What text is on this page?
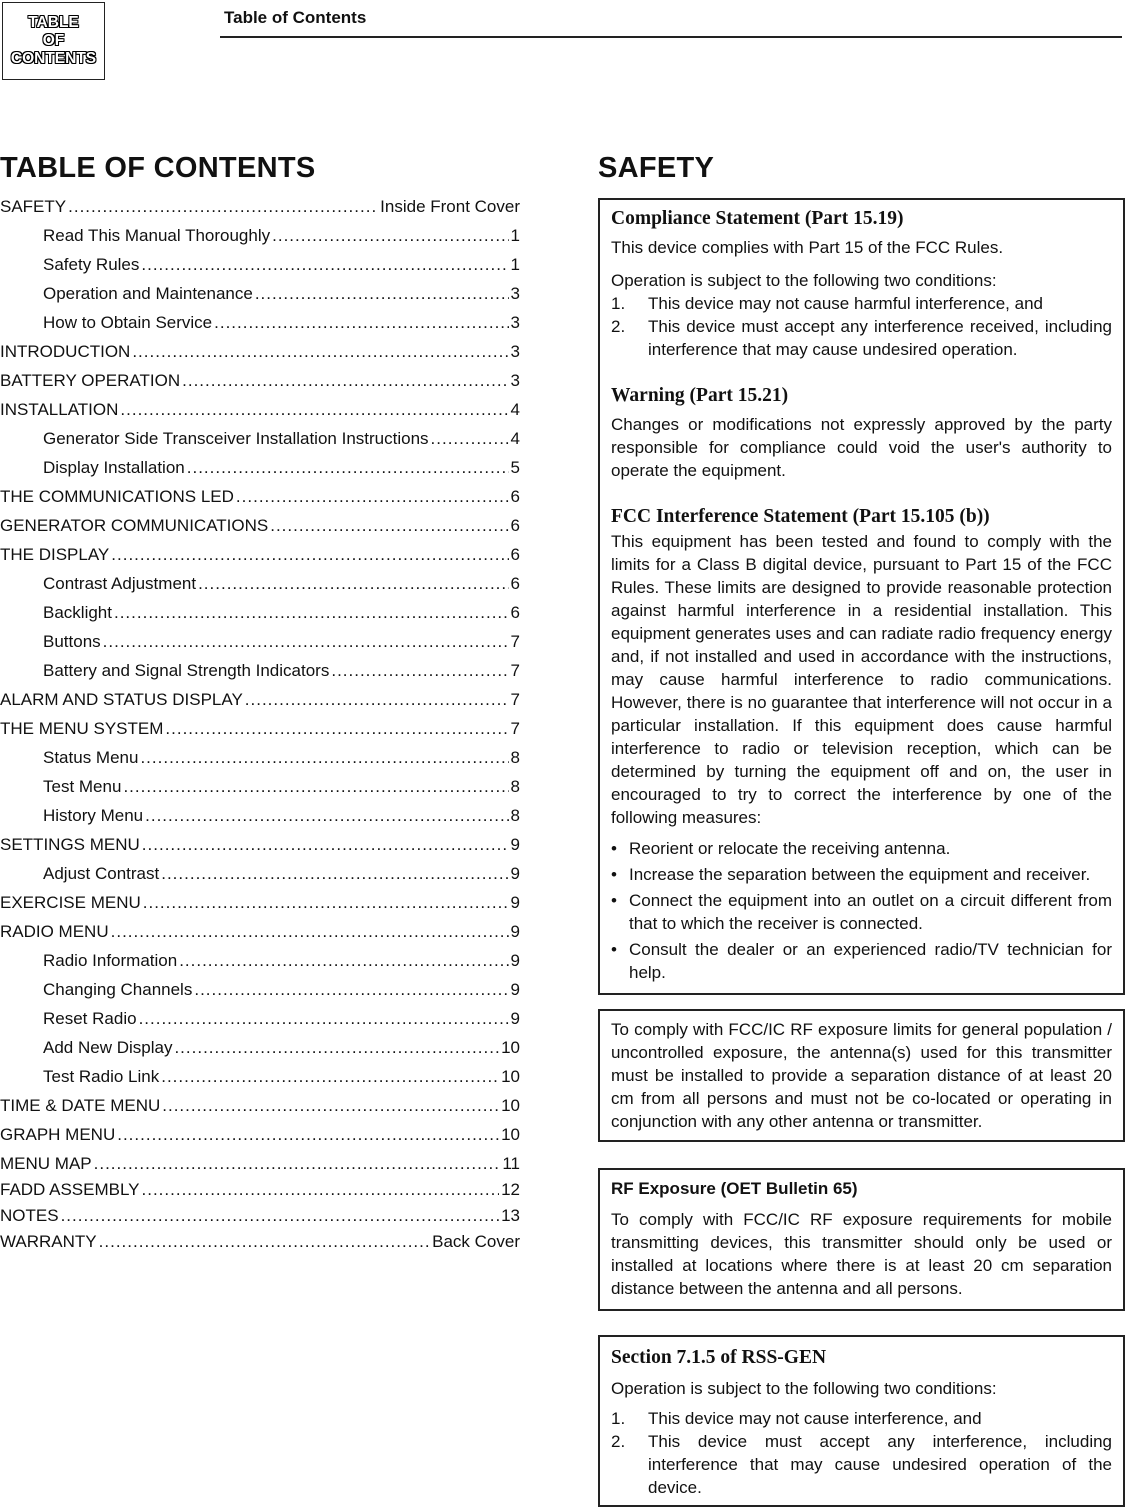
TABLE
OF
CONTENTS
Table of Contents
TABLE OF CONTENTS
SAFETY .....	Inside Front Cover
Read This Manual Thoroughly .....	1
Safety Rules .....	1
Operation and Maintenance .....	3
How to Obtain Service .....	3
INTRODUCTION .....	3
BATTERY OPERATION .....	3
INSTALLATION .....	4
Generator Side Transceiver Installation Instructions .....	4
Display Installation .....	5
THE COMMUNICATIONS LED .....	6
GENERATOR COMMUNICATIONS .....	6
THE DISPLAY .....	6
Contrast Adjustment .....	6
Backlight .....	6
Buttons .....	7
Battery and Signal Strength Indicators .....	7
ALARM AND STATUS DISPLAY .....	7
THE MENU SYSTEM .....	7
Status Menu .....	8
Test Menu .....	8
History Menu .....	8
SETTINGS MENU .....	9
Adjust Contrast .....	9
EXERCISE MENU .....	9
RADIO MENU .....	9
Radio Information .....	9
Changing Channels .....	9
Reset Radio .....	9
Add New Display .....	10
Test Radio Link .....	10
TIME & DATE MENU .....	10
GRAPH MENU .....	10
MENU MAP .....	11
FADD ASSEMBLY .....	12
NOTES .....	13
WARRANTY .....	Back Cover
SAFETY

Compliance Statement (Part 15.19)

This device complies with Part 15 of the FCC Rules.

Operation is subject to the following two conditions:

1. This device may not cause harmful interference, and
2. This device must accept any interference received, including interference that may cause undesired operation.

Warning (Part 15.21)

Changes or modifications not expressly approved by the party responsible for compliance could void the user's authority to operate the equipment.

FCC Interference Statement (Part 15.105 (b))

This equipment has been tested and found to comply with the limits for a Class B digital device, pursuant to Part 15 of the FCC Rules. These limits are designed to provide reasonable protection against harmful interference in a residential installation. This equipment generates uses and can radiate radio frequency energy and, if not installed and used in accordance with the instructions, may cause harmful interference to radio communications. However, there is no guarantee that interference will not occur in a particular installation. If this equipment does cause harmful interference to radio or television reception, which can be determined by turning the equipment off and on, the user in encouraged to try to correct the interference by one of the following measures:

• Reorient or relocate the receiving antenna.
• Increase the separation between the equipment and receiver.
• Connect the equipment into an outlet on a circuit different from that to which the receiver is connected.
• Consult the dealer or an experienced radio/TV technician for help.

To comply with FCC/IC RF exposure limits for general population / uncontrolled exposure, the antenna(s) used for this transmitter must be installed to provide a separation distance of at least 20 cm from all persons and must not be co-located or operating in conjunction with any other antenna or transmitter.

RF Exposure (OET Bulletin 65)

To comply with FCC/IC RF exposure requirements for mobile transmitting devices, this transmitter should only be used or installed at locations where there is at least 20 cm separation distance between the antenna and all persons.

Section 7.1.5 of RSS-GEN

Operation is subject to the following two conditions:

1. This device may not cause interference, and
2. This device must accept any interference, including interference that may cause undesired operation of the device.
